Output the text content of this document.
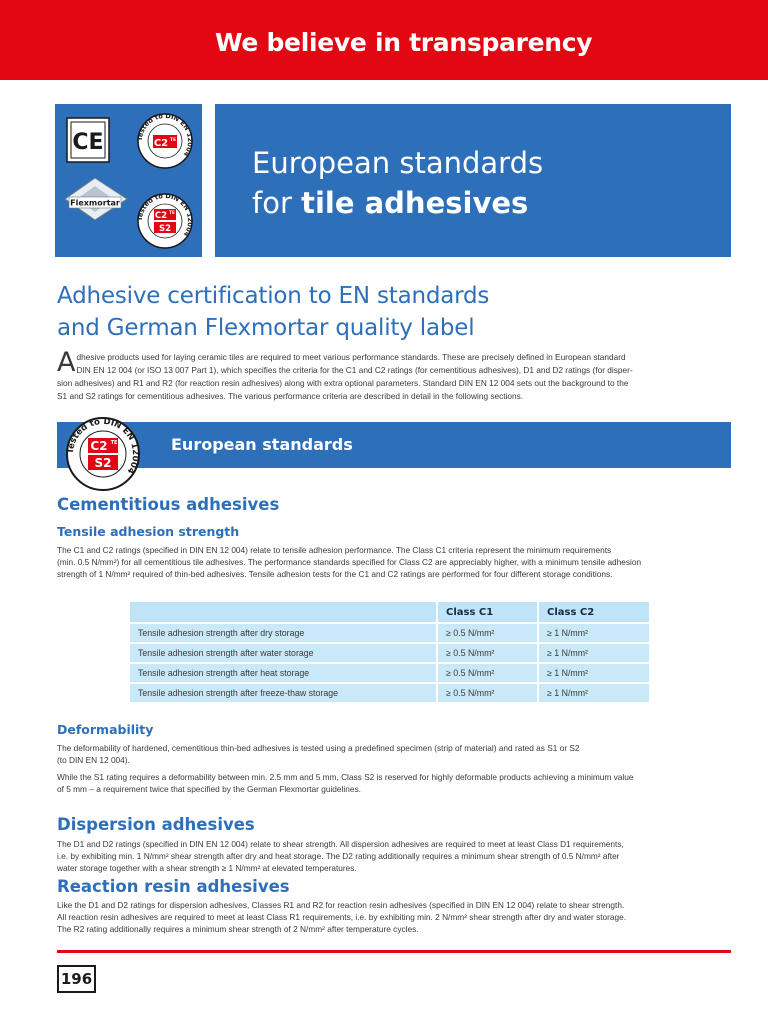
We believe in transparency
CE	Tested to DIN EN 12004
C2 TE
Flexmortar
Tested to DIN EN 12004
C2 TE
S2
European standards
for tile adhesives
Adhesive certification to EN standards
and German Flexmortar quality label
A dhesive products used for laying ceramic tiles are required to meet various performance standards. These are precisely defined in European standard
DIN EN 12 004 (or ISO 13 007 Part 1), which specifies the criteria for the C1 and C2 ratings (for cementitious adhesives), D1 and D2 ratings (for disper-
sion adhesives) and R1 and R2 (for reaction resin adhesives) along with extra optional parameters. Standard DIN EN 12 004 sets out the background to the
S1 and S2 ratings for cementitious adhesives. The various performance criteria are described in detail in the following sections.
European standards
Tested to DIN EN 12004
C2 TE
S2
Cementitious adhesives
Tensile adhesion strength
The C1 and C2 ratings (specified in DIN EN 12 004) relate to tensile adhesion performance. The Class C1 criteria represent the minimum requirements
(min. 0.5 N/mm²) for all cementitious tile adhesives. The performance standards specified for Class C2 are appreciably higher, with a minimum tensile adhesion
strength of 1 N/mm² required of thin-bed adhesives. Tensile adhesion tests for the C1 and C2 ratings are performed for four different storage conditions.
	Class C1	Class C2
Tensile adhesion strength after dry storage	≥ 0.5 N/mm²	≥ 1 N/mm²
Tensile adhesion strength after water storage	≥ 0.5 N/mm²	≥ 1 N/mm²
Tensile adhesion strength after heat storage	≥ 0.5 N/mm²	≥ 1 N/mm²
Tensile adhesion strength after freeze-thaw storage	≥ 0.5 N/mm²	≥ 1 N/mm²
Deformability
The deformability of hardened, cementitious thin-bed adhesives is tested using a predefined specimen (strip of material) and rated as S1 or S2
(to DIN EN 12 004).
While the S1 rating requires a deformability between min. 2.5 mm and 5 mm, Class S2 is reserved for highly deformable products achieving a minimum value
of 5 mm – a requirement twice that specified by the German Flexmortar guidelines.
Dispersion adhesives
The D1 and D2 ratings (specified in DIN EN 12 004) relate to shear strength. All dispersion adhesives are required to meet at least Class D1 requirements,
i.e. by exhibiting min. 1 N/mm² shear strength after dry and heat storage. The D2 rating additionally requires a minimum shear strength of 0.5 N/mm² after
water storage together with a shear strength ≥ 1 N/mm² at elevated temperatures.
Reaction resin adhesives
Like the D1 and D2 ratings for dispersion adhesives, Classes R1 and R2 for reaction resin adhesives (specified in DIN EN 12 004) relate to shear strength.
All reaction resin adhesives are required to meet at least Class R1 requirements, i.e. by exhibiting min. 2 N/mm² shear strength after dry and water storage.
The R2 rating additionally requires a minimum shear strength of 2 N/mm² after temperature cycles.
196
